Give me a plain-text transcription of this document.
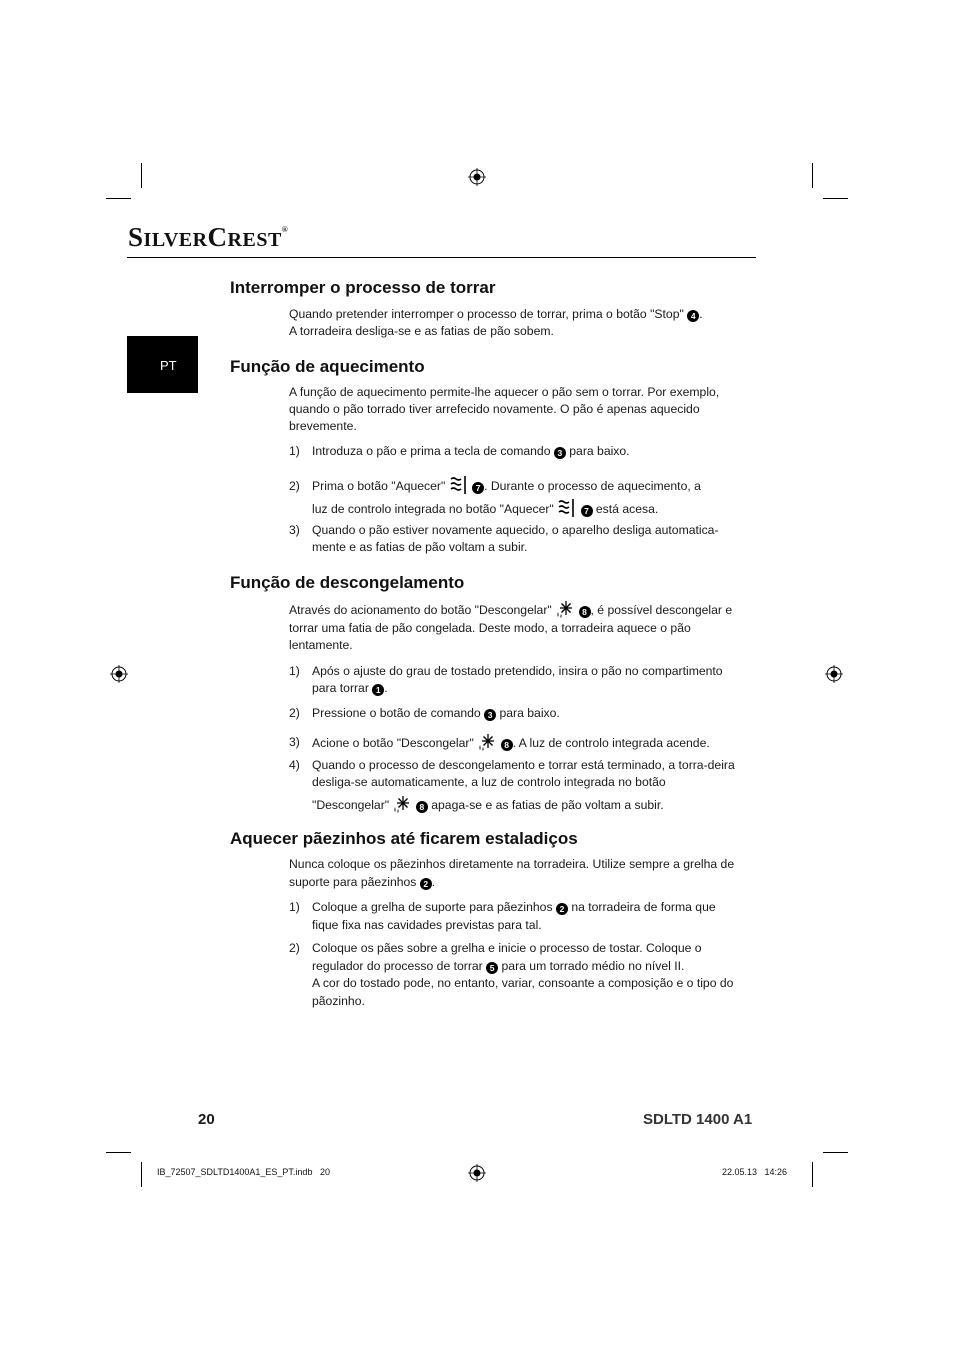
SILVERCREST®
PT
Interromper o processo de torrar
Quando pretender interromper o processo de torrar, prima o botão "Stop" 4 .
A torradeira desliga-se e as fatias de pão sobem.
Função de aquecimento

A função de aquecimento permite-lhe aquecer o pão sem o torrar. Por exemplo, quando o pão torrado tiver arrefecido novamente. O pão é apenas aquecido brevemente.

1) Introduza o pão e prima a tecla de comando 3 para baixo.
2) Prima o botão "Aquecer"	7 . Durante o processo de aquecimento, a
luz de controlo integrada no botão "Aquecer"	7 está acesa.
3) Quando o pão estiver novamente aquecido, o aparelho desliga automatica-mente e as fatias de pão voltam a subir.
Função de descongelamento
Através do acionamento do botão "Descongelar"	8 , é possível descongelar e torrar uma fatia de pão congelada. Deste modo, a torradeira aquece o pão lentamente.
1) Após o ajuste do grau de tostado pretendido, insira o pão no compartimento para torrar 1 .
2) Pressione o botão de comando 3 para baixo.
3) Acione o botão "Descongelar"	8 . A luz de controlo integrada acende.
4) Quando o processo de descongelamento e torrar está terminado, a torra-deira desliga-se automaticamente, a luz de controlo integrada no botão
"Descongelar"	8 apaga-se e as fatias de pão voltam a subir.
Aquecer pãezinhos até ficarem estaladiços
Nunca coloque os pãezinhos diretamente na torradeira. Utilize sempre a grelha de suporte para pãezinhos 2 .
1) Coloque a grelha de suporte para pãezinhos 2 na torradeira de forma que fique fixa nas cavidades previstas para tal.
2) Coloque os pães sobre a grelha e inicie o processo de tostar. Coloque o regulador do processo de torrar 5 para um torrado médio no nível II.
A cor do tostado pode, no entanto, variar, consoante a composição e o tipo do pãozinho.
20	SDLTD 1400 A1
IB_72507_SDLTD1400A1_ES_PT.indb   20	22.05.13   14:26
